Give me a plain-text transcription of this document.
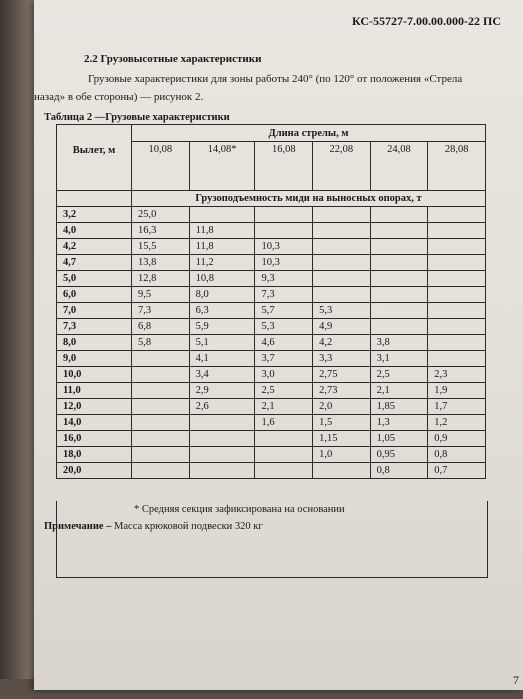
КС-55727-7.00.00.000-22 ПС
2.2 Грузовысотные характеристики
Грузовые характеристики для зоны работы 240° (по 120° от положения «Стрела
назад» в обе стороны) — рисунок 2.
Таблица 2 —Грузовые характеристики
Вылет, м	Длина стрелы, м					
	10,08	14,08*	16,08	22,08	24,08	28,08
	Грузоподъемность миди на выносных опорах, т					
3,2	25,0					
4,0	16,3	11,8				
4,2	15,5	11,8	10,3			
4,7	13,8	11,2	10,3			
5,0	12,8	10,8	9,3			
6,0	9,5	8,0	7,3			
7,0	7,3	6,3	5,7	5,3		
7,3	6,8	5,9	5,3	4,9		
8,0	5,8	5,1	4,6	4,2	3,8	
9,0		4,1	3,7	3,3	3,1	
10,0		3,4	3,0	2,75	2,5	2,3
11,0		2,9	2,5	2,73	2,1	1,9
12,0		2,6	2,1	2,0	1,85	1,7
14,0			1,6	1,5	1,3	1,2
16,0				1,15	1,05	0,9
18,0				1,0	0,95	0,8
20,0					0,8	0,7
* Средняя секция зафиксирована на основании
Примечание – Масса крюковой подвески 320 кг
7
